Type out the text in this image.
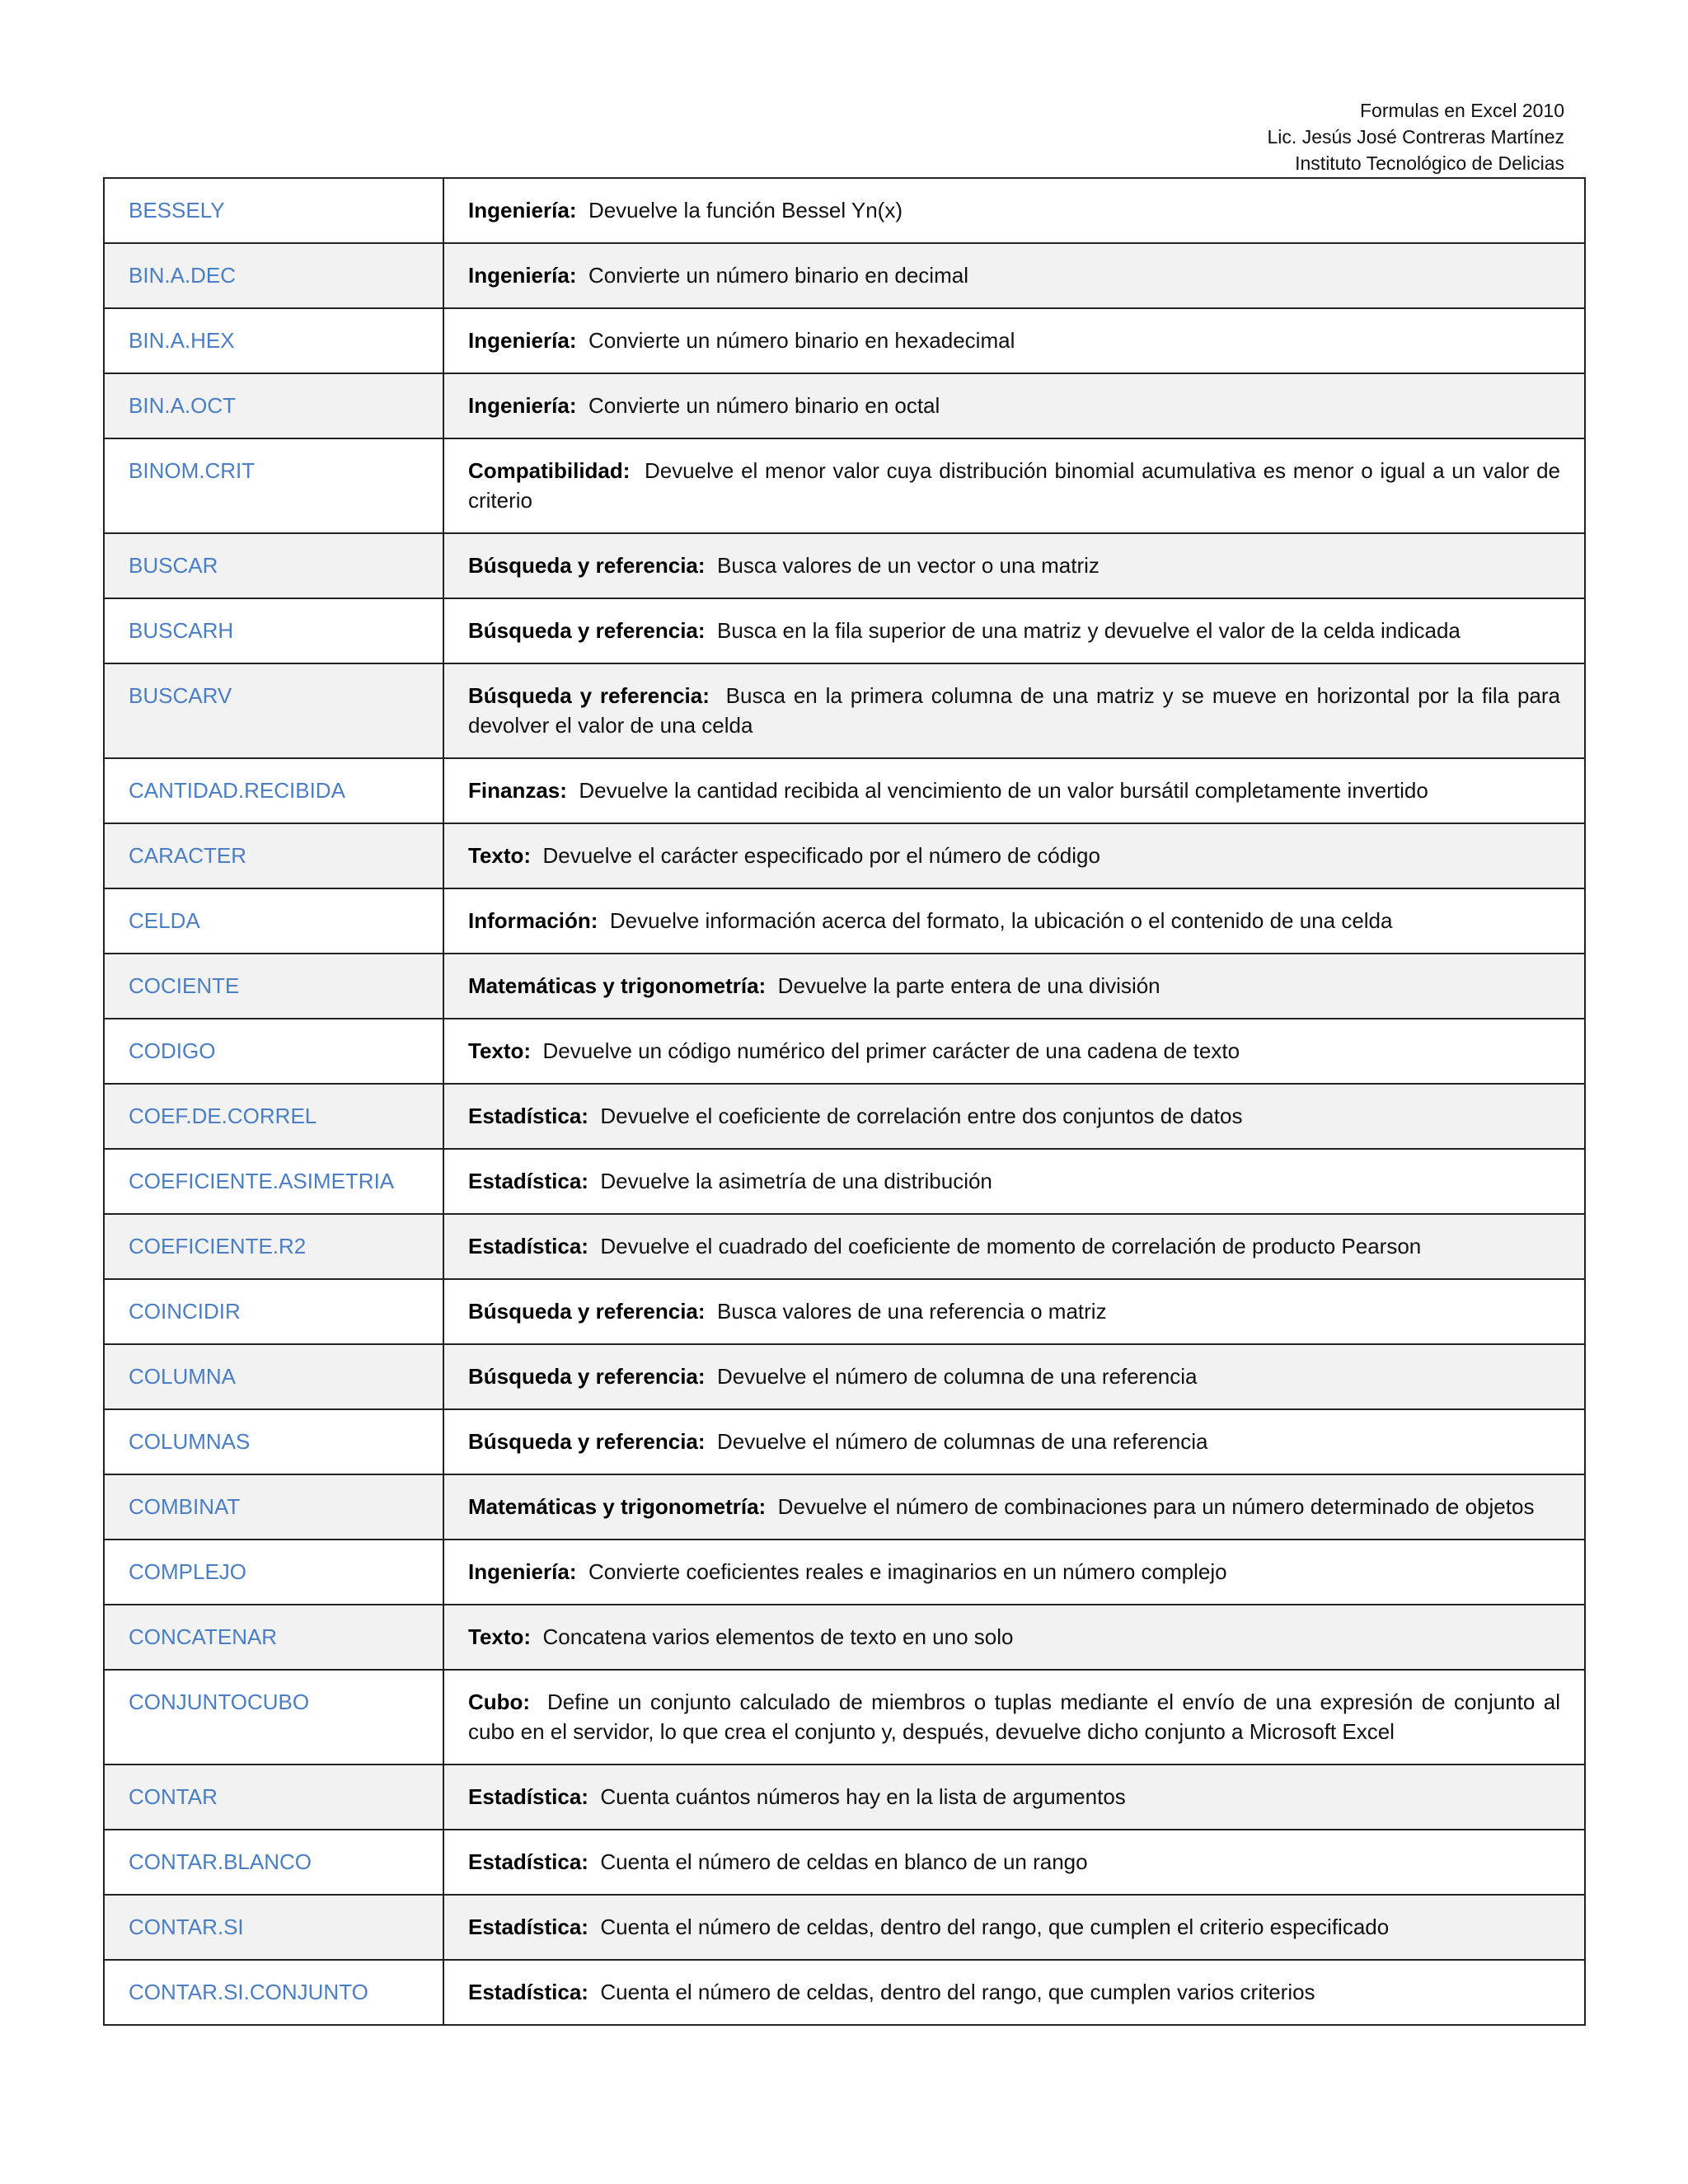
Formulas en Excel 2010
Lic. Jesús José Contreras Martínez
Instituto Tecnológico de Delicias
BESSELY	Ingeniería: Devuelve la función Bessel Yn(x)
BIN.A.DEC	Ingeniería: Convierte un número binario en decimal
BIN.A.HEX	Ingeniería: Convierte un número binario en hexadecimal
BIN.A.OCT	Ingeniería: Convierte un número binario en octal
BINOM.CRIT	Compatibilidad: Devuelve el menor valor cuya distribución binomial acumulativa es menor o igual a un valor de criterio
BUSCAR	Búsqueda y referencia: Busca valores de un vector o una matriz
BUSCARH	Búsqueda y referencia: Busca en la fila superior de una matriz y devuelve el valor de la celda indicada
BUSCARV	Búsqueda y referencia: Busca en la primera columna de una matriz y se mueve en horizontal por la fila para devolver el valor de una celda
CANTIDAD.RECIBIDA	Finanzas: Devuelve la cantidad recibida al vencimiento de un valor bursátil completamente invertido
CARACTER	Texto: Devuelve el carácter especificado por el número de código
CELDA	Información: Devuelve información acerca del formato, la ubicación o el contenido de una celda
COCIENTE	Matemáticas y trigonometría: Devuelve la parte entera de una división
CODIGO	Texto: Devuelve un código numérico del primer carácter de una cadena de texto
COEF.DE.CORREL	Estadística: Devuelve el coeficiente de correlación entre dos conjuntos de datos
COEFICIENTE.ASIMETRIA	Estadística: Devuelve la asimetría de una distribución
COEFICIENTE.R2	Estadística: Devuelve el cuadrado del coeficiente de momento de correlación de producto Pearson
COINCIDIR	Búsqueda y referencia: Busca valores de una referencia o matriz
COLUMNA	Búsqueda y referencia: Devuelve el número de columna de una referencia
COLUMNAS	Búsqueda y referencia: Devuelve el número de columnas de una referencia
COMBINAT	Matemáticas y trigonometría: Devuelve el número de combinaciones para un número determinado de objetos
COMPLEJO	Ingeniería: Convierte coeficientes reales e imaginarios en un número complejo
CONCATENAR	Texto: Concatena varios elementos de texto en uno solo
CONJUNTOCUBO	Cubo: Define un conjunto calculado de miembros o tuplas mediante el envío de una expresión de conjunto al cubo en el servidor, lo que crea el conjunto y, después, devuelve dicho conjunto a Microsoft Excel
CONTAR	Estadística: Cuenta cuántos números hay en la lista de argumentos
CONTAR.BLANCO	Estadística: Cuenta el número de celdas en blanco de un rango
CONTAR.SI	Estadística: Cuenta el número de celdas, dentro del rango, que cumplen el criterio especificado
CONTAR.SI.CONJUNTO	Estadística: Cuenta el número de celdas, dentro del rango, que cumplen varios criterios
